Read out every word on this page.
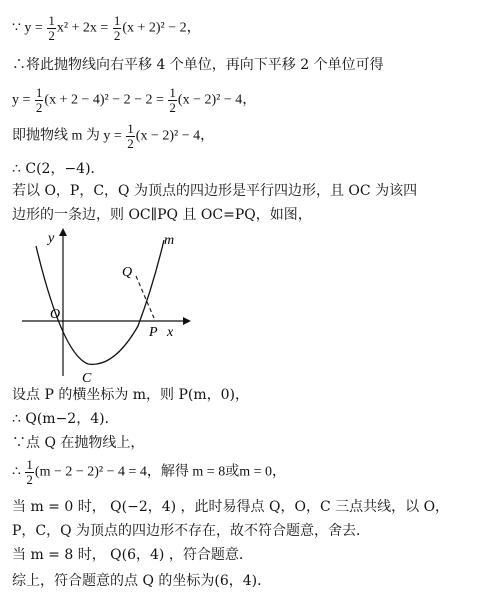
∵ $y = \frac{1}{2} x^2 + 2x = \frac{1}{2} (x + 2)^2 - 2$，
∴将此抛物线向右平移 4 个单位，再向下平移 2 个单位可得
$y = \frac{1}{2} (x + 2 - 4)^2 - 2 - 2 = \frac{1}{2} (x - 2)^2 - 4$，
即抛物线 m 为 $y = \frac{1}{2} (x - 2)^2 - 4$，
∴ C(2，−4)．
若以 O，P，C，Q 为顶点的四边形是平行四边形，且 OC 为该四
边形的一条边，则 OC∥PQ 且 OC=PQ，如图，
y	m
Q
O
P x
C
设点 P 的横坐标为 m，则 P(m，0)，
∴ Q(m−2，4)．
∵点 Q 在抛物线上，
∴ $\frac{1}{2} (m - 2 - 2)^2 - 4 = 4$，解得 m = 8或m = 0，
当 m = 0 时， Q(−2，4) ，此时易得点 Q，O，C 三点共线，以 O，
P，C，Q 为顶点的四边形不存在，故不符合题意，舍去．
当 m = 8 时， Q(6，4) ，符合题意．
综上，符合题意的点 Q 的坐标为(6，4)．
